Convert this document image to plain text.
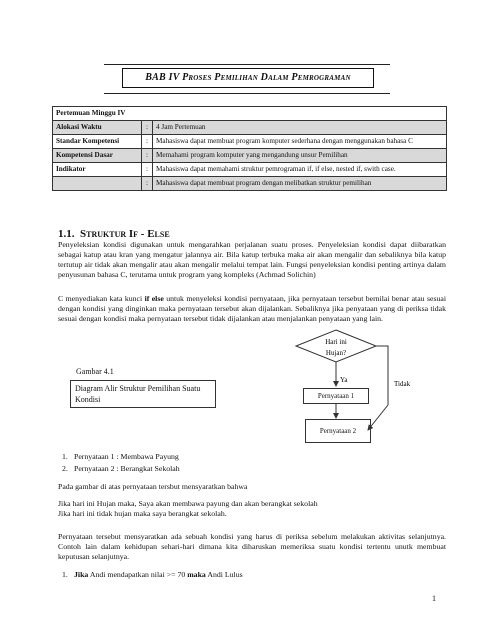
BAB IV Proses Pemilihan Dalam Pemrograman
Pertemuan Minggu IV		
Alokasi Waktu	:	4 Jam Pertemuan
Standar Kompetensi	:	Mahasiswa dapat membuat program komputer sederhana dengan menggunakan bahasa C
Kompetensi Dasar	:	Memahami program komputer yang mengandung unsur Pemilihan
Indikator	:	Mahasiswa dapat memahami struktur pemrograman if, if else, nested if, swith case.
	:	Mahasiswa dapat membuat program dengan melibatkan struktur pemilihan
1.1. Struktur If - Else
Penyeleksian kondisi digunakan untuk mengarahkan perjalanan suatu proses. Penyeleksian kondisi dapat diibaratkan sebagai katup atau kran yang mengatur jalannya air. Bila katup terbuka maka air akan mengalir dan sebaliknya bila katup tertutup air tidak akan mengalir atau akan mengalir melalui tempat lain. Fungsi penyeleksian kondisi penting artinya dalam penyusunan bahasa C, terutama untuk program yang kompleks (Achmad Solichin)
C menyediakan kata kunci if else untuk menyeleksi kondisi pernyataan, jika pernyataan tersebut bernilai benar atau sesuai dengan kondisi yang dinginkan maka pernyataan tersebut akan dijalankan. Sebaliknya jika penyataan yang di periksa tidak sesuai dengan kondisi maka pernyataan tersebut tidak dijalankan atau menjalankan penyataan yang lain.
Gambar 4.1
Diagram Alir Struktur Pemilihan Suatu Kondisi
Hari ini
Hujan?
Ya	Tidak
Pernyataan 1
Pernyataan 2
1. Pernyataan 1 : Membawa Payung
2. Pernyataan 2 : Berangkat Sekolah
Pada gambar di atas pernyataan tersbut mensyaratkan bahwa
Jika hari ini Hujan maka, Saya akan membawa payung dan akan berangkat sekolah
Jika hari ini tidak hujan maka saya berangkat sekolah.
Pernyataan tersebut mensyaratkan ada sebuah kondisi yang harus di periksa sebelum melakukan aktivitas selanjutnya. Contoh lain dalam kehidupan sehari-hari dimana kita diharuskan memeriksa suatu kondisi tertentu unutk membuat keputusan selanjutnya.
1. Jika Andi mendapatkan nilai >= 70 maka Andi Lulus
1
